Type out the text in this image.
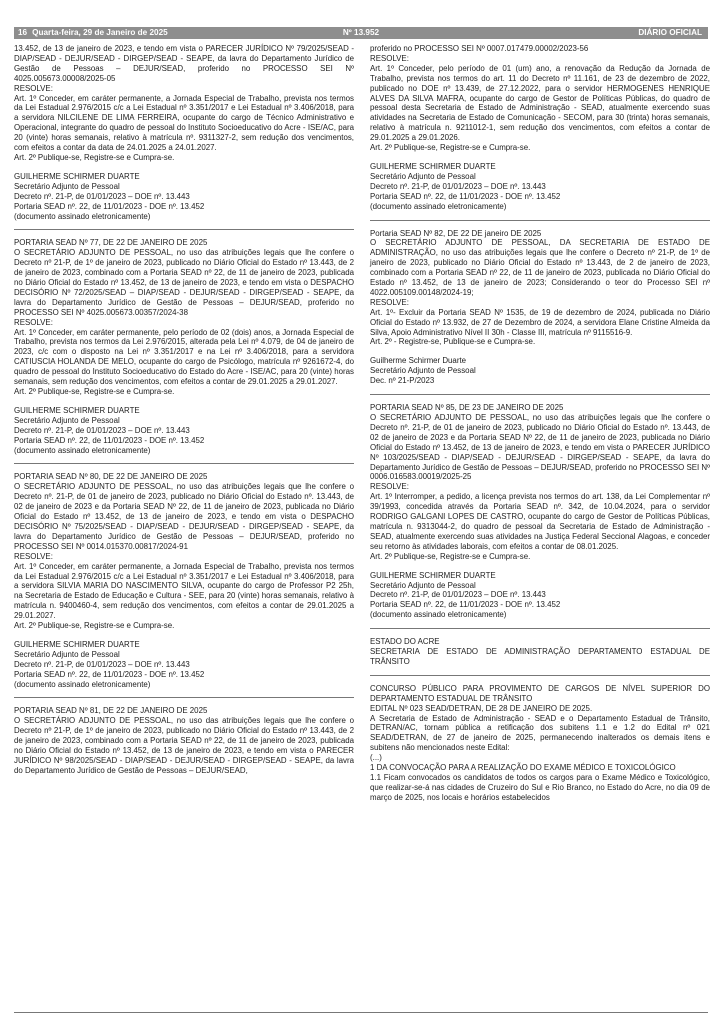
16 Quarta-feira, 29 de Janeiro de 2025	Nº 13.952	DIÁRIO OFICIAL

13.452, de 13 de janeiro de 2023, e tendo em vista o PARECER JURÍDICO Nº 79/2025/SEAD - DIAP/SEAD - DEJUR/SEAD - DIRGEP/SEAD - SEAPE, da lavra do Departamento Jurídico de Gestão de Pessoas – DEJUR/SEAD, proferido no PROCESSO SEI Nº 4025.005673.00008/2025-05

RESOLVE:

Art. 1º Conceder, em caráter permanente, a Jornada Especial de Trabalho, prevista nos termos da Lei Estadual 2.976/2015 c/c a Lei Estadual nº 3.351/2017 e Lei Estadual nº 3.406/2018, para a servidora NILCILENE DE LIMA FERREIRA, ocupante do cargo de Técnico Administrativo e Operacional, integrante do quadro de pessoal do Instituto Socioeducativo do Acre - ISE/AC, para 20 (vinte) horas semanais, relativo à matrícula nº. 9311327-2, sem redução dos vencimentos, com efeitos a contar da data de 24.01.2025 a 24.01.2027.

Art. 2º Publique-se, Registre-se e Cumpra-se.

GUILHERME SCHIRMER DUARTE

Secretário Adjunto de Pessoal

Decreto nº. 21-P, de 01/01/2023 – DOE nº. 13.443

Portaria SEAD nº. 22, de 11/01/2023 - DOE nº. 13.452

(documento assinado eletronicamente)

PORTARIA SEAD Nº 77, DE 22 DE JANEIRO DE 2025

O SECRETÁRIO ADJUNTO DE PESSOAL, no uso das atribuições legais que lhe confere o Decreto nº 21-P, de 1º de janeiro de 2023, publicado no Diário Oficial do Estado nº 13.443, de 2 de janeiro de 2023, combinado com a Portaria SEAD nº 22, de 11 de janeiro de 2023, publicada no Diário Oficial do Estado nº 13.452, de 13 de janeiro de 2023, e tendo em vista o DESPACHO DECISÓRIO Nº 72/2025/SEAD – DIAP/SEAD - DEJUR/SEAD - DIRGEP/SEAD - SEAPE, da lavra do Departamento Jurídico de Gestão de Pessoas – DEJUR/SEAD, proferido no PROCESSO SEI Nº 4025.005673.00357/2024-38

RESOLVE:

Art. 1º Conceder, em caráter permanente, pelo período de 02 (dois) anos, a Jornada Especial de Trabalho, prevista nos termos da Lei 2.976/2015, alterada pela Lei nº 4.079, de 04 de janeiro de 2023, c/c com o disposto na Lei nº 3.351/2017 e na Lei nº 3.406/2018, para a servidora CATIUSCIA HOLANDA DE MELO, ocupante do cargo de Psicólogo, matrícula nº 9261672-4, do quadro de pessoal do Instituto Socioeducativo do Estado do Acre - ISE/AC, para 20 (vinte) horas semanais, sem redução dos vencimentos, com efeitos a contar de 29.01.2025 a 29.01.2027.

Art. 2º Publique-se, Registre-se e Cumpra-se.

GUILHERME SCHIRMER DUARTE

Secretário Adjunto de Pessoal

Decreto nº. 21-P, de 01/01/2023 – DOE nº. 13.443

Portaria SEAD nº. 22, de 11/01/2023 - DOE nº. 13.452

(documento assinado eletronicamente)

PORTARIA SEAD Nº 80, DE 22 DE JANEIRO DE 2025

O SECRETÁRIO ADJUNTO DE PESSOAL, no uso das atribuições legais que lhe confere o Decreto nº. 21-P, de 01 de janeiro de 2023, publicado no Diário Oficial do Estado nº. 13.443, de 02 de janeiro de 2023 e da Portaria SEAD Nº 22, de 11 de janeiro de 2023, publicada no Diário Oficial do Estado nº 13.452, de 13 de janeiro de 2023, e tendo em vista o DESPACHO DECISÓRIO Nº 75/2025/SEAD - DIAP/SEAD - DEJUR/SEAD - DIRGEP/SEAD - SEAPE, da lavra do Departamento Jurídico de Gestão de Pessoas – DEJUR/SEAD, proferido no PROCESSO SEI Nº 0014.015370.00817/2024-91

RESOLVE:

Art. 1º Conceder, em caráter permanente, a Jornada Especial de Trabalho, prevista nos termos da Lei Estadual 2.976/2015 c/c a Lei Estadual nº 3.351/2017 e Lei Estadual nº 3.406/2018, para a servidora SILVIA MARIA DO NASCIMENTO SILVA, ocupante do cargo de Professor P2 25h, na Secretaria de Estado de Educação e Cultura - SEE, para 20 (vinte) horas semanais, relativo à matrícula n. 9400460-4, sem redução dos vencimentos, com efeitos a contar de 29.01.2025 a 29.01.2027.

Art. 2º Publique-se, Registre-se e Cumpra-se.

GUILHERME SCHIRMER DUARTE

Secretário Adjunto de Pessoal

Decreto nº. 21-P, de 01/01/2023 – DOE nº. 13.443

Portaria SEAD nº. 22, de 11/01/2023 - DOE nº. 13.452

(documento assinado eletronicamente)

PORTARIA SEAD Nº 81, DE 22 DE JANEIRO DE 2025

O SECRETÁRIO ADJUNTO DE PESSOAL, no uso das atribuições legais que lhe confere o Decreto nº 21-P, de 1º de janeiro de 2023, publicado no Diário Oficial do Estado nº 13.443, de 2 de janeiro de 2023, combinado com a Portaria SEAD nº 22, de 11 de janeiro de 2023, publicada no Diário Oficial do Estado nº 13.452, de 13 de janeiro de 2023, e tendo em vista o PARECER JURÍDICO Nº 98/2025/SEAD - DIAP/SEAD - DEJUR/SEAD - DIRGEP/SEAD - SEAPE, da lavra do Departamento Jurídico de Gestão de Pessoas – DEJUR/SEAD,

proferido no PROCESSO SEI Nº 0007.017479.00002/2023-56

RESOLVE:

Art. 1º Conceder, pelo período de 01 (um) ano, a renovação da Redução da Jornada de Trabalho, prevista nos termos do art. 11 do Decreto nº 11.161, de 23 de dezembro de 2022, publicado no DOE nº 13.439, de 27.12.2022, para o servidor HERMOGENES HENRIQUE ALVES DA SILVA MAFRA, ocupante do cargo de Gestor de Políticas Públicas, do quadro de pessoal desta Secretaria de Estado de Administração - SEAD, atualmente exercendo suas atividades na Secretaria de Estado de Comunicação - SECOM, para 30 (trinta) horas semanais, relativo à matrícula n. 9211012-1, sem redução dos vencimentos, com efeitos a contar de 29.01.2025 a 29.01.2026.

Art. 2º Publique-se, Registre-se e Cumpra-se.

GUILHERME SCHIRMER DUARTE

Secretário Adjunto de Pessoal

Decreto nº. 21-P, de 01/01/2023 – DOE nº. 13.443

Portaria SEAD nº. 22, de 11/01/2023 - DOE nº. 13.452

(documento assinado eletronicamente)

Portaria SEAD Nº 82, DE 22 DE janeiro DE 2025

O SECRETÁRIO ADJUNTO DE PESSOAL, DA SECRETARIA DE ESTADO DE ADMINISTRAÇÃO, no uso das atribuições legais que lhe confere o Decreto nº 21-P, de 1º de janeiro de 2023, publicado no Diário Oficial do Estado nº 13.443, de 2 de janeiro de 2023, combinado com a Portaria SEAD nº 22, de 11 de janeiro de 2023, publicada no Diário Oficial do Estado nº 13.452, de 13 de janeiro de 2023; Considerando o teor do Processo SEI nº 4022.005109.00148/2024-19;

RESOLVE:

Art. 1º- Excluir da Portaria SEAD Nº 1535, de 19 de dezembro de 2024, publicada no Diário Oficial do Estado nº 13.932, de 27 de Dezembro de 2024, a servidora Elane Cristine Almeida da Silva, Apoio Administrativo Nível II 30h - Classe III, matrícula nº 9115516-9.

Art. 2º - Registre-se, Publique-se e Cumpra-se.

Guilherme Schirmer Duarte

Secretário Adjunto de Pessoal

Dec. nº 21-P/2023

PORTARIA SEAD Nº 85, DE 23 DE JANEIRO DE 2025

O SECRETÁRIO ADJUNTO DE PESSOAL, no uso das atribuições legais que lhe confere o Decreto nº. 21-P, de 01 de janeiro de 2023, publicado no Diário Oficial do Estado nº. 13.443, de 02 de janeiro de 2023 e da Portaria SEAD Nº 22, de 11 de janeiro de 2023, publicada no Diário Oficial do Estado nº 13.452, de 13 de janeiro de 2023, e tendo em vista o PARECER JURÍDICO Nº 103/2025/SEAD - DIAP/SEAD - DEJUR/SEAD - DIRGEP/SEAD - SEAPE, da lavra do Departamento Jurídico de Gestão de Pessoas – DEJUR/SEAD, proferido no PROCESSO SEI Nº 0006.016583.00019/2025-25

RESOLVE:

Art. 1º Interromper, a pedido, a licença prevista nos termos do art. 138, da Lei Complementar nº 39/1993, concedida através da Portaria SEAD nº. 342, de 10.04.2024, para o servidor RODRIGO GALGANI LOPES DE CASTRO, ocupante do cargo de Gestor de Políticas Públicas, matrícula n. 9313044-2, do quadro de pessoal da Secretaria de Estado de Administração - SEAD, atualmente exercendo suas atividades na Justiça Federal Seccional Alagoas, e conceder seu retorno às atividades laborais, com efeitos a contar de 08.01.2025.

Art. 2º Publique-se, Registre-se e Cumpra-se.

GUILHERME SCHIRMER DUARTE

Secretário Adjunto de Pessoal

Decreto nº. 21-P, de 01/01/2023 – DOE nº. 13.443

Portaria SEAD nº. 22, de 11/01/2023 - DOE nº. 13.452

(documento assinado eletronicamente)

ESTADO DO ACRE

SECRETARIA DE ESTADO DE ADMINISTRAÇÃO DEPARTAMENTO ESTADUAL DE TRÂNSITO

CONCURSO PÚBLICO PARA PROVIMENTO DE CARGOS DE NÍVEL SUPERIOR DO DEPARTAMENTO ESTADUAL DE TRÂNSITO

EDITAL Nº 023 SEAD/DETRAN, DE 28 DE JANEIRO DE 2025.

A Secretaria de Estado de Administração - SEAD e o Departamento Estadual de Trânsito, DETRAN/AC, tornam pública a retificação dos subitens 1.1 e 1.2 do Edital nº 021 SEAD/DETRAN, de 27 de janeiro de 2025, permanecendo inalterados os demais itens e subitens não mencionados neste Edital:

(...)

1 DA CONVOCAÇÃO PARA A REALIZAÇÃO DO EXAME MÉDICO E TOXICOLÓGICO

1.1 Ficam convocados os candidatos de todos os cargos para o Exame Médico e Toxicológico, que realizar-se-á nas cidades de Cruzeiro do Sul e Rio Branco, no Estado do Acre, no dia 09 de março de 2025, nos locais e horários estabelecidos
